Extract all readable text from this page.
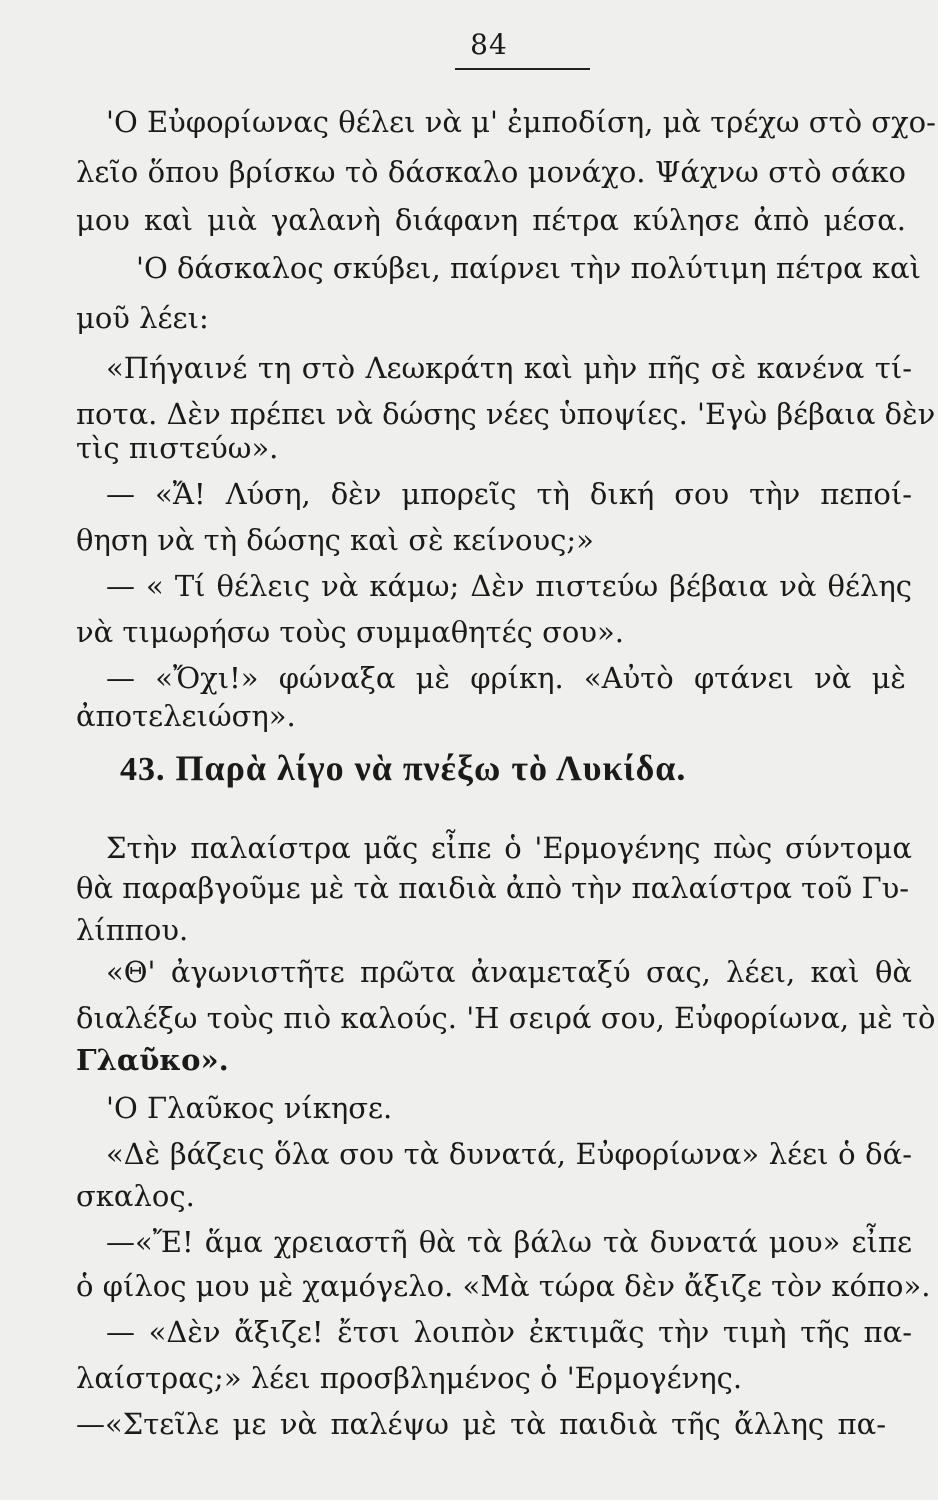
84
'Ο Εὐφορίωνας θέλει νὰ μ' ἐμποδίση, μὰ τρέχω στὸ σχο-
λεῖο ὅπου βρίσκω τὸ δάσκαλο μονάχο. Ψάχνω στὸ σάκο
μου καὶ μιὰ γαλανὴ διάφανη πέτρα κύλησε ἀπὸ μέσα.
'Ο δάσκαλος σκύβει, παίρνει τὴν πολύτιμη πέτρα καὶ
μοῦ λέει:
«Πήγαινέ τη στὸ Λεωκράτη καὶ μὴν πῆς σὲ κανένα τί-
ποτα. Δὲν πρέπει νὰ δώσης νέες ὑποψίες. 'Εγὼ βέβαια δὲν
τὶς πιστεύω».
— «Ἄ! Λύση, δὲν μπορεῖς τὴ δική σου τὴν πεποί-
θηση νὰ τὴ δώσης καὶ σὲ κείνους;»
— « Τί θέλεις νὰ κάμω; Δὲν πιστεύω βέβαια νὰ θέλης
νὰ τιμωρήσω τοὺς συμμαθητές σου».
— «Ὄχι!» φώναξα μὲ φρίκη. «Αὐτὸ φτάνει νὰ μὲ
ἀποτελειώση».
43. Παρὰ λίγο νὰ πνέξω τὸ Λυκίδα.
Στὴν παλαίστρα μᾶς εἶπε ὁ 'Ερμογένης πὼς σύντομα
θὰ παραβγοῦμε μὲ τὰ παιδιὰ ἀπὸ τὴν παλαίστρα τοῦ Γυ-
λίππου.
«Θ' ἀγωνιστῆτε πρῶτα ἀναμεταξύ σας, λέει, καὶ θὰ
διαλέξω τοὺς πιὸ καλούς. 'Η σειρά σου, Εὐφορίωνα, μὲ τὸ
Γλαῦκο».
'Ο Γλαῦκος νίκησε.
«Δὲ βάζεις ὅλα σου τὰ δυνατά, Εὐφορίωνα» λέει ὁ δά-
σκαλος.
—«Ἔ! ἅμα χρειαστῆ θὰ τὰ βάλω τὰ δυνατά μου» εἶπε
ὁ φίλος μου μὲ χαμόγελο. «Μὰ τώρα δὲν ἄξιζε τὸν κόπο».
— «Δὲν ἄξιζε! ἔτσι λοιπὸν ἐκτιμᾶς τὴν τιμὴ τῆς πα-
λαίστρας;» λέει προσβλημένος ὁ 'Ερμογένης.
—«Στεῖλε με νὰ παλέψω μὲ τὰ παιδιὰ τῆς ἄλλης πα-
